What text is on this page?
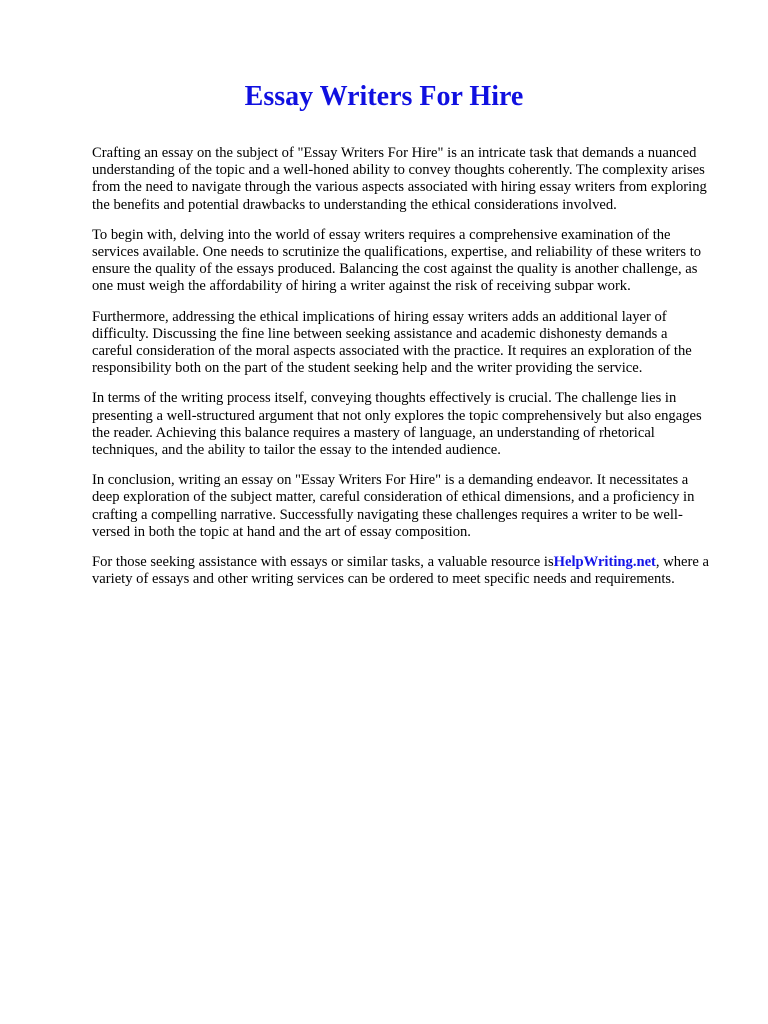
Essay Writers For Hire

Crafting an essay on the subject of "Essay Writers For Hire" is an intricate task that demands a nuanced understanding of the topic and a well-honed ability to convey thoughts coherently. The complexity arises from the need to navigate through the various aspects associated with hiring essay writers from exploring the benefits and potential drawbacks to understanding the ethical considerations involved.

To begin with, delving into the world of essay writers requires a comprehensive examination of the services available. One needs to scrutinize the qualifications, expertise, and reliability of these writers to ensure the quality of the essays produced. Balancing the cost against the quality is another challenge, as one must weigh the affordability of hiring a writer against the risk of receiving subpar work.

Furthermore, addressing the ethical implications of hiring essay writers adds an additional layer of difficulty. Discussing the fine line between seeking assistance and academic dishonesty demands a careful consideration of the moral aspects associated with the practice. It requires an exploration of the responsibility both on the part of the student seeking help and the writer providing the service.

In terms of the writing process itself, conveying thoughts effectively is crucial. The challenge lies in presenting a well-structured argument that not only explores the topic comprehensively but also engages the reader. Achieving this balance requires a mastery of language, an understanding of rhetorical techniques, and the ability to tailor the essay to the intended audience.

In conclusion, writing an essay on "Essay Writers For Hire" is a demanding endeavor. It necessitates a deep exploration of the subject matter, careful consideration of ethical dimensions, and a proficiency in crafting a compelling narrative. Successfully navigating these challenges requires a writer to be well-versed in both the topic at hand and the art of essay composition.

For those seeking assistance with essays or similar tasks, a valuable resource isHelpWriting.net, where a variety of essays and other writing services can be ordered to meet specific needs and requirements.
